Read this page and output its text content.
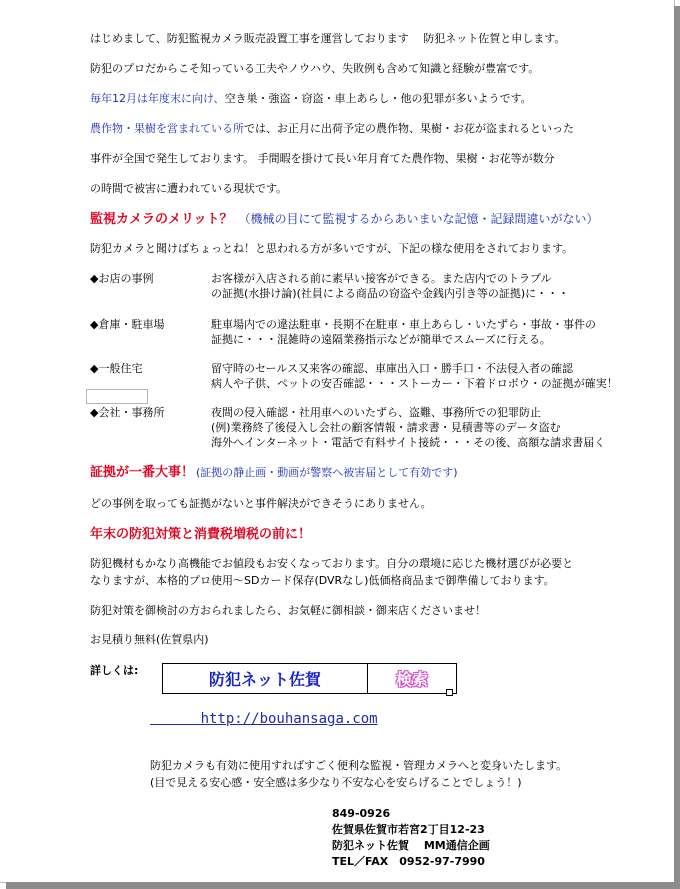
はじめまして、防犯監視カメラ販売設置工事を運営しております　 防犯ネット佐賀と申します。
防犯のプロだからこそ知っている工夫やノウハウ、失敗例も含めて知識と経験が豊富です。
毎年12月は年度末に向け、空き巣・強盗・窃盗・車上あらし・他の犯罪が多いようです。
農作物・果樹を営まれている所では、お正月に出荷予定の農作物、果樹・お花が盗まれるといった
事件が全国で発生しております。 手間暇を掛けて長い年月育てた農作物、果樹・お花等が数分
の時間で被害に遭われている現状です。
監視カメラのメリット？ （機械の目にて監視するからあいまいな記憶・記録間違いがない）
防犯カメラと聞けばちょっとね！と思われる方が多いですが、下記の様な使用をされております。
◆お店の事例	お客様が入店される前に素早い接客ができる。また店内でのトラブル
の証拠(水掛け論)(社員による商品の窃盗や金銭内引き等の証拠)に・・・
◆倉庫・駐車場	駐車場内での違法駐車・長期不在駐車・車上あらし・いたずら・事故・事件の
証拠に・・・混雑時の遠隔業務指示などが簡単でスムーズに行える。
◆一般住宅	留守時のセールス又来客の確認、車庫出入口・勝手口・不法侵入者の確認
病人や子供、ペットの安否確認・・・ストーカー・下着ドロボウ・の証拠が確実！
◆会社・事務所	夜間の侵入確認・社用車へのいたずら、盗難、事務所での犯罪防止
(例)業務終了後侵入し会社の顧客情報・請求書・見積書等のデータ盗む
海外へインターネット・電話で有料サイト接続・・・その後、高額な請求書届く
証拠が一番大事！ (証拠の静止画・動画が警察へ被害届として有効です)
どの事例を取っても証拠がないと事件解決ができそうにありません。
年末の防犯対策と消費税増税の前に！
防犯機材もかなり高機能でお値段もお安くなっております。自分の環境に応じた機材選びが必要と
なりますが、本格的プロ使用～SDカード保存(DVRなし)低価格商品まで御準備しております。
防犯対策を御検討の方おられましたら、お気軽に御相談・御来店くださいませ！
お見積り無料(佐賀県内)
詳しくは:	防犯ネット佐賀	検索
http://bouhansaga.com
防犯カメラも有効に使用すればすごく便利な監視・管理カメラへと変身いたします。
(目で見える安心感・安全感は多少なり不安な心を安らげることでしょう！)
849-0926
佐賀県佐賀市若宮2丁目12-23
防犯ネット佐賀　 MM通信企画
TEL／FAX　0952-97-7990
